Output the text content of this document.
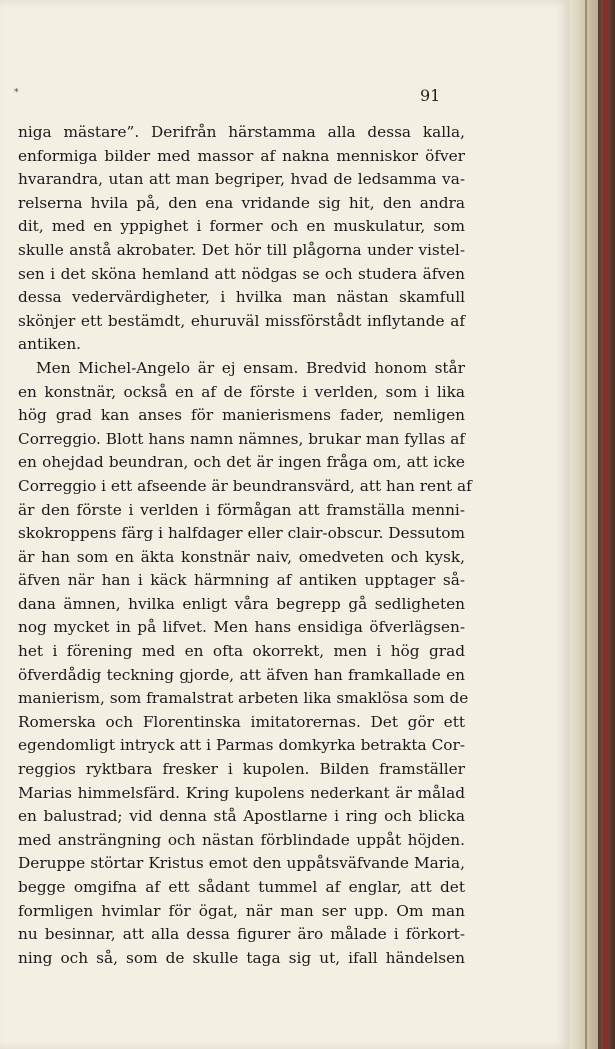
*	91
niga mästare”. Derifrån härstamma alla dessa kalla,
enformiga bilder med massor af nakna menniskor öfver
hvarandra, utan att man begriper, hvad de ledsamma va-
relserna hvila på, den ena vridande sig hit, den andra
dit, med en yppighet i former och en muskulatur, som
skulle anstå akrobater. Det hör till plågorna under vistel-
sen i det sköna hemland att nödgas se och studera äfven
dessa vedervärdigheter, i hvilka man nästan skamfull
skönjer ett bestämdt, ehuruväl missförstådt inflytande af
antiken.
Men Michel-Angelo är ej ensam. Bredvid honom står
en konstnär, också en af de förste i verlden, som i lika
hög grad kan anses för manierismens fader, nemligen
Correggio. Blott hans namn nämnes, brukar man fyllas af
en ohejdad beundran, och det är ingen fråga om, att icke
Correggio i ett afseende är beundransvärd, att han rent af
är den förste i verlden i förmågan att framställa menni-
skokroppens färg i halfdager eller clair-obscur. Dessutom
är han som en äkta konstnär naiv, omedveten och kysk,
äfven när han i käck härmning af antiken upptager så-
dana ämnen, hvilka enligt våra begrepp gå sedligheten
nog mycket in på lifvet. Men hans ensidiga öfverlägsen-
het i förening med en ofta okorrekt, men i hög grad
öfverdådig teckning gjorde, att äfven han framkallade en
manierism, som framalstrat arbeten lika smaklösa som de
Romerska och Florentinska imitatorernas. Det gör ett
egendomligt intryck att i Parmas domkyrka betrakta Cor-
reggios ryktbara fresker i kupolen. Bilden framställer
Marias himmelsfärd. Kring kupolens nederkant är målad
en balustrad; vid denna stå Apostlarne i ring och blicka
med ansträngning och nästan förblindade uppåt höjden.
Deruppe störtar Kristus emot den uppåtsväfvande Maria,
begge omgifna af ett sådant tummel af englar, att det
formligen hvimlar för ögat, när man ser upp. Om man
nu besinnar, att alla dessa figurer äro målade i förkort-
ning och så, som de skulle taga sig ut, ifall händelsen
